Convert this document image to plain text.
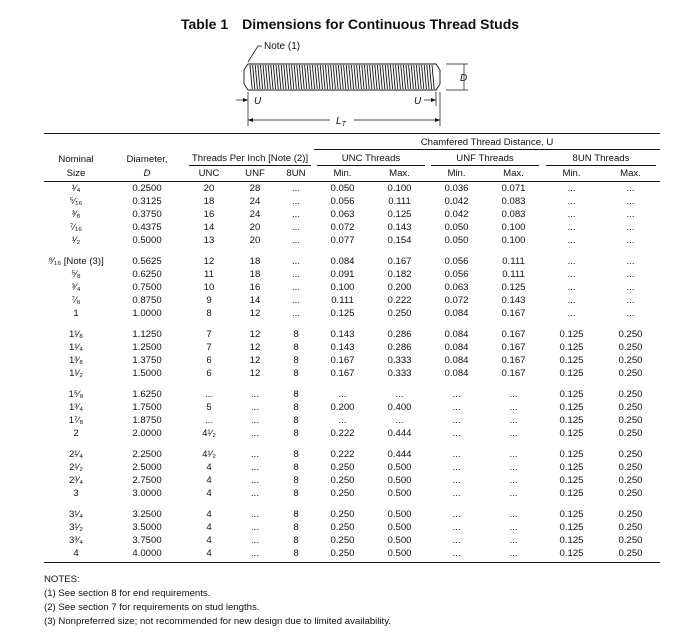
Table 1 Dimensions for Continuous Thread Studs
Note (1)
D
U
U
$L_T$

					Chamfered Thread Distance, U					
Nominal	Diameter,	Threads Per Inch [Note (2)]			UNC Threads		UNF Threads		8UN Threads	
Size	D	UNC	UNF	8UN	Min.	Max.	Min.	Max.	Min.	Max.
¹⁄₄	0.2500	20	28	...	0.050	0.100	0.036	0.071	...	...
⁵⁄₁₆	0.3125	18	24	...	0.056	0.111	0.042	0.083	...	...
³⁄₈	0.3750	16	24	...	0.063	0.125	0.042	0.083	...	...
⁷⁄₁₆	0.4375	14	20	...	0.072	0.143	0.050	0.100	...	...
¹⁄₂	0.5000	13	20	...	0.077	0.154	0.050	0.100	...	...

⁹⁄₁₆ [Note (3)]	0.5625	12	18	...	0.084	0.167	0.056	0.111	...	...
⁵⁄₈	0.6250	11	18	...	0.091	0.182	0.056	0.111	...	...
³⁄₄	0.7500	10	16	...	0.100	0.200	0.063	0.125	...	...
⁷⁄₈	0.8750	9	14	...	0.111	0.222	0.072	0.143	...	...
1	1.0000	8	12	...	0.125	0.250	0.084	0.167	...	...

1¹⁄₈	1.1250	7	12	8	0.143	0.286	0.084	0.167	0.125	0.250
1¹⁄₄	1.2500	7	12	8	0.143	0.286	0.084	0.167	0.125	0.250
1³⁄₈	1.3750	6	12	8	0.167	0.333	0.084	0.167	0.125	0.250
1¹⁄₂	1.5000	6	12	8	0.167	0.333	0.084	0.167	0.125	0.250

1⁵⁄₈	1.6250	...	...	8	...	...	...	...	0.125	0.250
1³⁄₄	1.7500	5	...	8	0.200	0.400	...	...	0.125	0.250
1⁷⁄₈	1.8750	...	...	8	...	...	...	...	0.125	0.250
2	2.0000	4¹⁄₂	...	8	0.222	0.444	...	...	0.125	0.250

2¹⁄₄	2.2500	4¹⁄₂	...	8	0.222	0.444	...	...	0.125	0.250
2¹⁄₂	2.5000	4	...	8	0.250	0.500	...	...	0.125	0.250
2³⁄₄	2.7500	4	...	8	0.250	0.500	...	...	0.125	0.250
3	3.0000	4	...	8	0.250	0.500	...	...	0.125	0.250

3¹⁄₄	3.2500	4	...	8	0.250	0.500	...	...	0.125	0.250
3¹⁄₂	3.5000	4	...	8	0.250	0.500	...	...	0.125	0.250
3³⁄₄	3.7500	4	...	8	0.250	0.500	...	...	0.125	0.250
4	4.0000	4	...	8	0.250	0.500	...	...	0.125	0.250
NOTES:
(1) See section 8 for end requirements.
(2) See section 7 for requirements on stud lengths.
(3) Nonpreferred size; not recommended for new design due to limited availability.
